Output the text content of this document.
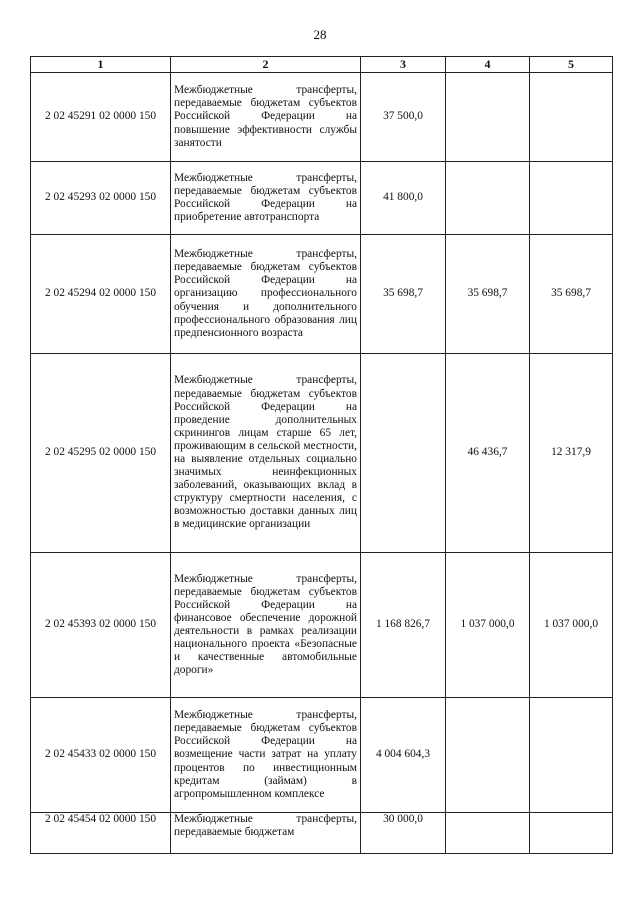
28
1	2	3	4	5
2 02 45291 02 0000 150	Межбюджетные трансферты, передаваемые бюджетам субъектов Российской Федерации на повышение эффективности службы занятости	37 500,0		
2 02 45293 02 0000 150	Межбюджетные трансферты, передаваемые бюджетам субъектов Российской Федерации на приобретение автотранспорта	41 800,0		
2 02 45294 02 0000 150	Межбюджетные трансферты, передаваемые бюджетам субъектов Российской Федерации на организацию профессионального обучения и дополнительного профессионального образования лиц предпенсионного возраста	35 698,7	35 698,7	35 698,7
2 02 45295 02 0000 150	Межбюджетные трансферты, передаваемые бюджетам субъектов Российской Федерации на проведение дополнительных скринингов лицам старше 65 лет, проживающим в сельской местности, на выявление отдельных социально значимых неинфекционных заболеваний, оказывающих вклад в структуру смертности населения, с возможностью доставки данных лиц в медицинские организации		46 436,7	12 317,9
2 02 45393 02 0000 150	Межбюджетные трансферты, передаваемые бюджетам субъектов Российской Федерации на финансовое обеспечение дорожной деятельности в рамках реализации национального проекта «Безопасные и качественные автомобильные дороги»	1 168 826,7	1 037 000,0	1 037 000,0
2 02 45433 02 0000 150	Межбюджетные трансферты, передаваемые бюджетам субъектов Российской Федерации на возмещение части затрат на уплату процентов по инвестиционным кредитам (займам) в агропромышленном комплексе	4 004 604,3		
2 02 45454 02 0000 150	Межбюджетные трансферты, передаваемые бюджетам	30 000,0		
